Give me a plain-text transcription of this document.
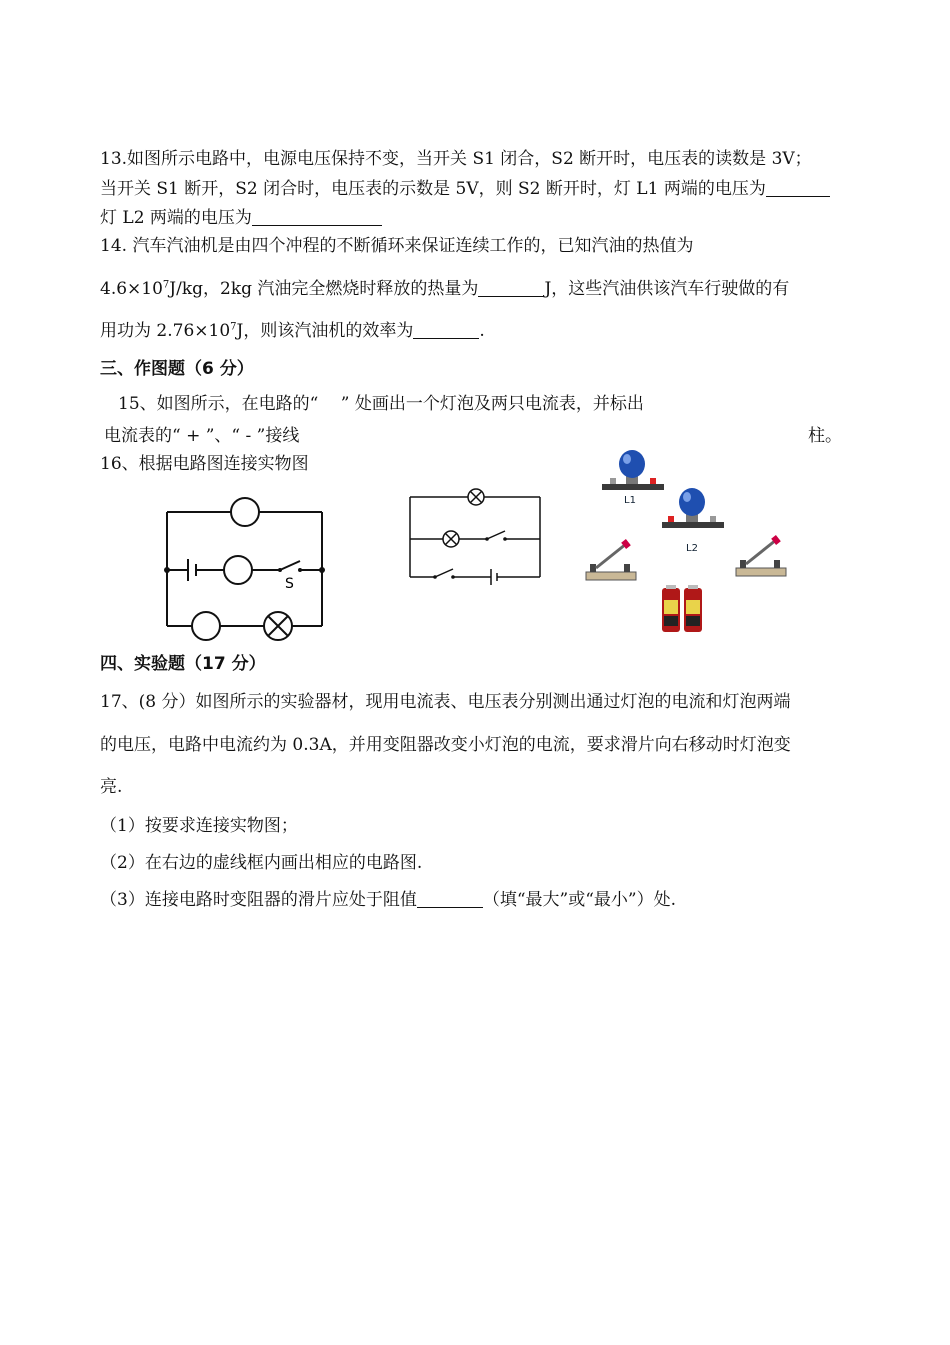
13.如图所示电路中，电源电压保持不变，当开关 S1 闭合，S2 断开时，电压表的读数是 3V；
当开关 S1 断开，S2 闭合时，电压表的示数是 5V，则 S2 断开时，灯 L1 两端的电压为
灯 L2 两端的电压为
14. 汽车汽油机是由四个冲程的不断循环来保证连续工作的，已知汽油的热值为
$4.6\times 10^7J/kg$，2kg 汽油完全燃烧时释放的热量为	J，这些汽油供该汽车行驶做的有
用功为 $2.76\times 10^7J$，则该汽油机的效率为	.
三、作图题（6 分）
15、如图所示，在电路的“　 ” 处画出一个灯泡及两只电流表，并标出
电流表的“ + ”、“ - ”接线	柱。
16、根据电路图连接实物图
S
L1
L2
四、实验题（17 分）
17、(8 分）如图所示的实验器材，现用电流表、电压表分别测出通过灯泡的电流和灯泡两端
的电压，电路中电流约为 0.3A，并用变阻器改变小灯泡的电流，要求滑片向右移动时灯泡变
亮.
（1）按要求连接实物图；
（2）在右边的虚线框内画出相应的电路图.
（3）连接电路时变阻器的滑片应处于阻值	（填“最大”或“最小”）处.
